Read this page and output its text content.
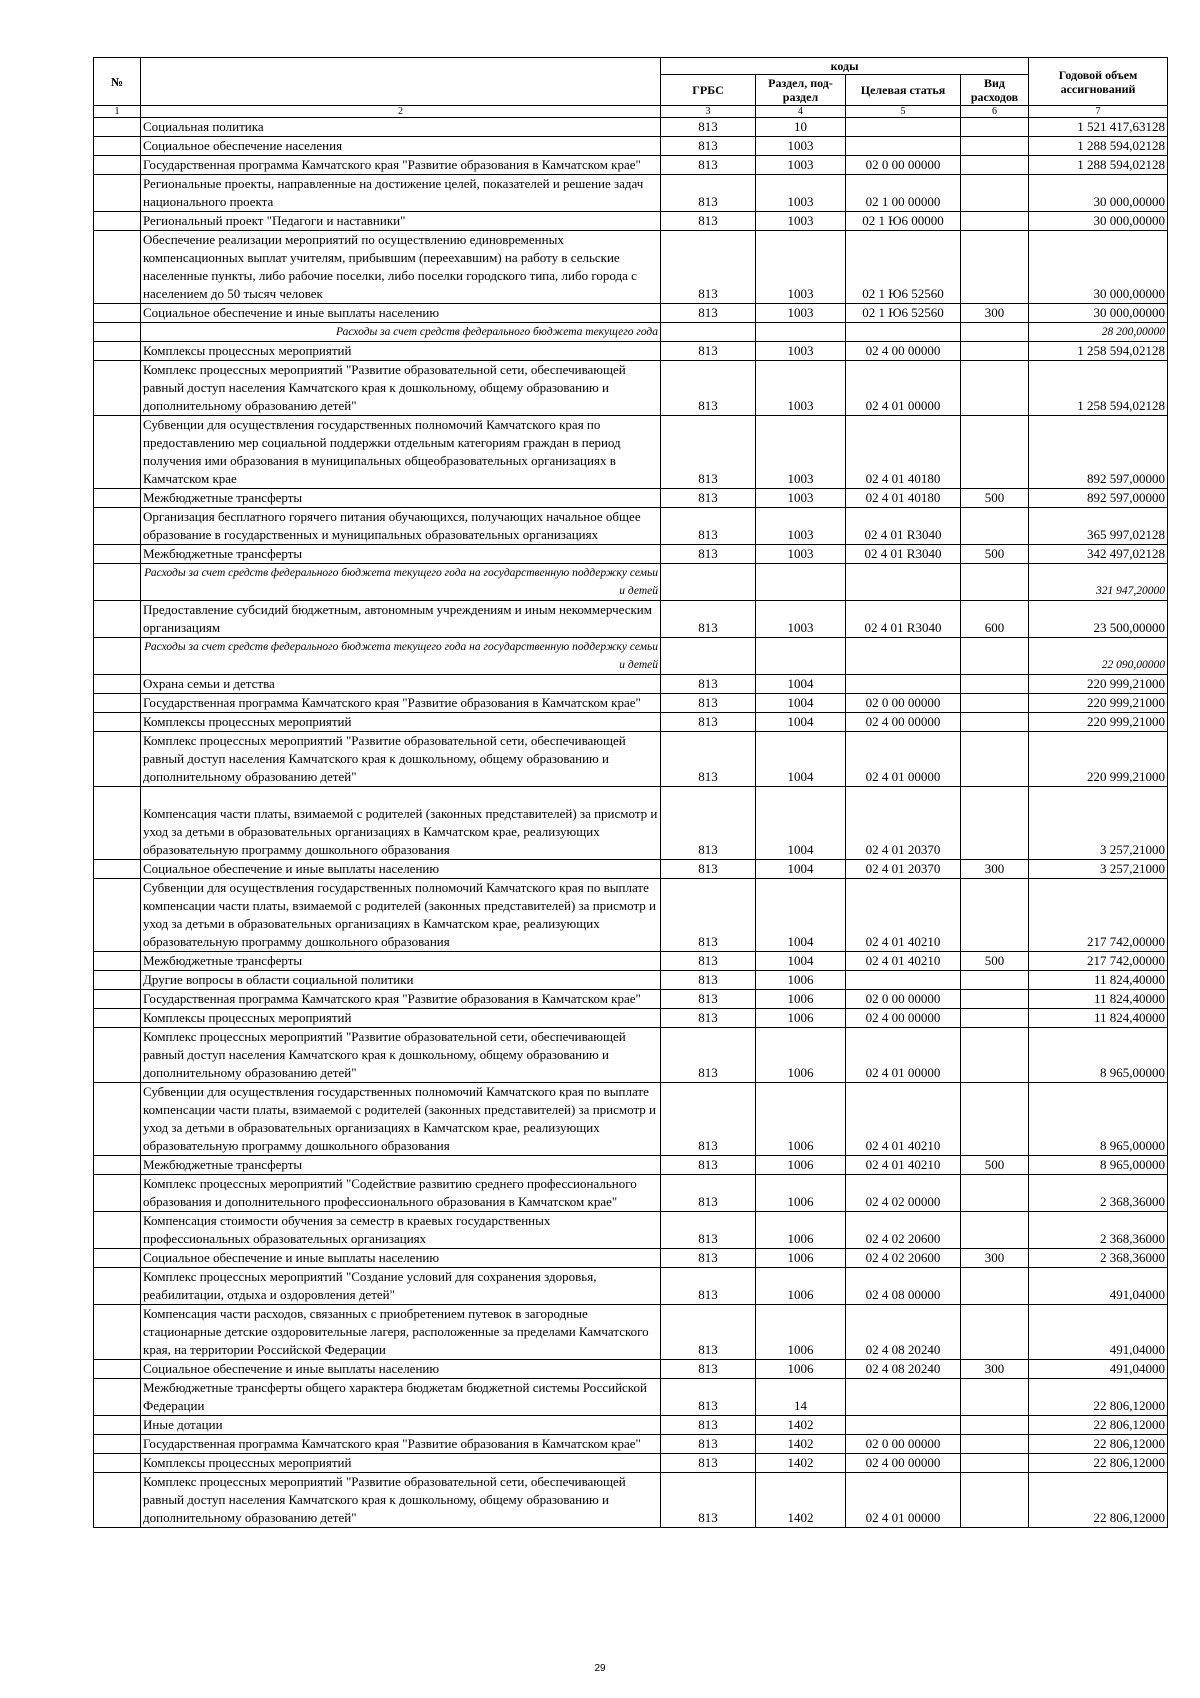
№		коды				Годовой объем ассигнований
		ГРБС	Раздел, под-раздел	Целевая статья	Вид расходов	
1	2	3	4	5	6	7
	Социальная политика	813	10			1 521 417,63128
	Социальное обеспечение населения	813	1003			1 288 594,02128
	Государственная программа Камчатского края "Развитие образования в Камчатском крае"	813	1003	02 0 00 00000		1 288 594,02128
	Региональные проекты, направленные на достижение целей, показателей и решение задач национального проекта	813	1003	02 1 00 00000		30 000,00000
	Региональный проект "Педагоги и наставники"	813	1003	02 1 Ю6 00000		30 000,00000
	Обеспечение реализации мероприятий по осуществлению единовременных компенсационных выплат учителям, прибывшим (переехавшим) на работу в сельские населенные пункты, либо рабочие поселки, либо поселки городского типа, либо города с населением до 50 тысяч человек	813	1003	02 1 Ю6 52560		30 000,00000
	Социальное обеспечение и иные выплаты населению	813	1003	02 1 Ю6 52560	300	30 000,00000
	Расходы за счет средств федерального бюджета текущего года					28 200,00000
	Комплексы процессных мероприятий	813	1003	02 4 00 00000		1 258 594,02128
	Комплекс процессных мероприятий "Развитие образовательной сети, обеспечивающей равный доступ населения Камчатского края к дошкольному, общему образованию и дополнительному образованию детей"	813	1003	02 4 01 00000		1 258 594,02128
	Субвенции для осуществления государственных полномочий Камчатского края по предоставлению мер социальной поддержки отдельным категориям граждан в период получения ими образования в муниципальных общеобразовательных организациях в Камчатском крае	813	1003	02 4 01 40180		892 597,00000
	Межбюджетные трансферты	813	1003	02 4 01 40180	500	892 597,00000
	Организация бесплатного горячего питания обучающихся, получающих начальное общее образование в государственных и муниципальных образовательных организациях	813	1003	02 4 01 R3040		365 997,02128
	Межбюджетные трансферты	813	1003	02 4 01 R3040	500	342 497,02128
	Расходы за счет средств федерального бюджета текущего года на государственную поддержку семьи и детей					321 947,20000
	Предоставление субсидий бюджетным, автономным учреждениям и иным некоммерческим организациям	813	1003	02 4 01 R3040	600	23 500,00000
	Расходы за счет средств федерального бюджета текущего года на государственную поддержку семьи и детей					22 090,00000
	Охрана семьи и детства	813	1004			220 999,21000
	Государственная программа Камчатского края "Развитие образования в Камчатском крае"	813	1004	02 0 00 00000		220 999,21000
	Комплексы процессных мероприятий	813	1004	02 4 00 00000		220 999,21000
	Комплекс процессных мероприятий "Развитие образовательной сети, обеспечивающей равный доступ населения Камчатского края к дошкольному, общему образованию и дополнительному образованию детей"	813	1004	02 4 01 00000		220 999,21000
	Компенсация части платы, взимаемой с родителей (законных представителей) за присмотр и уход за детьми в образовательных организациях в Камчатском крае, реализующих образовательную программу дошкольного образования	813	1004	02 4 01 20370		3 257,21000
	Социальное обеспечение и иные выплаты населению	813	1004	02 4 01 20370	300	3 257,21000
	Субвенции для осуществления государственных полномочий Камчатского края по выплате компенсации части платы, взимаемой с родителей (законных представителей) за присмотр и уход за детьми в образовательных организациях в Камчатском крае, реализующих образовательную программу дошкольного образования	813	1004	02 4 01 40210		217 742,00000
	Межбюджетные трансферты	813	1004	02 4 01 40210	500	217 742,00000
	Другие вопросы в области социальной политики	813	1006			11 824,40000
	Государственная программа Камчатского края "Развитие образования в Камчатском крае"	813	1006	02 0 00 00000		11 824,40000
	Комплексы процессных мероприятий	813	1006	02 4 00 00000		11 824,40000
	Комплекс процессных мероприятий "Развитие образовательной сети, обеспечивающей равный доступ населения Камчатского края к дошкольному, общему образованию и дополнительному образованию детей"	813	1006	02 4 01 00000		8 965,00000
	Субвенции для осуществления государственных полномочий Камчатского края по выплате компенсации части платы, взимаемой с родителей (законных представителей) за присмотр и уход за детьми в образовательных организациях в Камчатском крае, реализующих образовательную программу дошкольного образования	813	1006	02 4 01 40210		8 965,00000
	Межбюджетные трансферты	813	1006	02 4 01 40210	500	8 965,00000
	Комплекс процессных мероприятий "Содействие развитию среднего профессионального образования и дополнительного профессионального образования в Камчатском крае"	813	1006	02 4 02 00000		2 368,36000
	Компенсация стоимости обучения за семестр в краевых государственных профессиональных образовательных организациях	813	1006	02 4 02 20600		2 368,36000
	Социальное обеспечение и иные выплаты населению	813	1006	02 4 02 20600	300	2 368,36000
	Комплекс процессных мероприятий "Создание условий для сохранения здоровья, реабилитации, отдыха и оздоровления детей"	813	1006	02 4 08 00000		491,04000
	Компенсация части расходов, связанных с приобретением путевок в загородные стационарные детские оздоровительные лагеря, расположенные за пределами Камчатского края, на территории Российской Федерации	813	1006	02 4 08 20240		491,04000
	Социальное обеспечение и иные выплаты населению	813	1006	02 4 08 20240	300	491,04000
	Межбюджетные трансферты общего характера бюджетам бюджетной системы Российской Федерации	813	14			22 806,12000
	Иные дотации	813	1402			22 806,12000
	Государственная программа Камчатского края "Развитие образования в Камчатском крае"	813	1402	02 0 00 00000		22 806,12000
	Комплексы процессных мероприятий	813	1402	02 4 00 00000		22 806,12000
	Комплекс процессных мероприятий "Развитие образовательной сети, обеспечивающей равный доступ населения Камчатского края к дошкольному, общему образованию и дополнительному образованию детей"	813	1402	02 4 01 00000		22 806,12000
29
